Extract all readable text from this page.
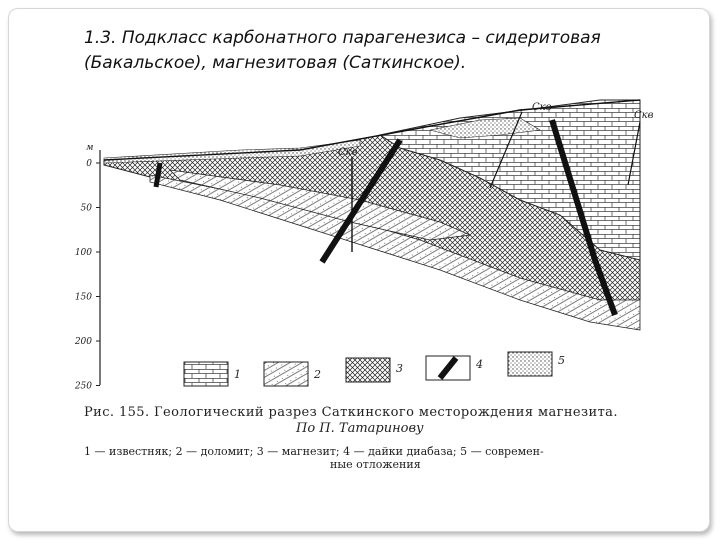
1.3. Подкласс карбонатного парагенезиса – сидеритовая
(Бакальское), магнезитовая (Саткинское).
м
0
50
100
150
200
250
Скв
Скв
Скв
1	2	3	4	5
Рис. 155. Геологический разрез Саткинского месторождения магнезита.
По П. Татаринову
1 — известняк; 2 — доломит; 3 — магнезит; 4 — дайки диабаза; 5 — современ-
ные отложения
